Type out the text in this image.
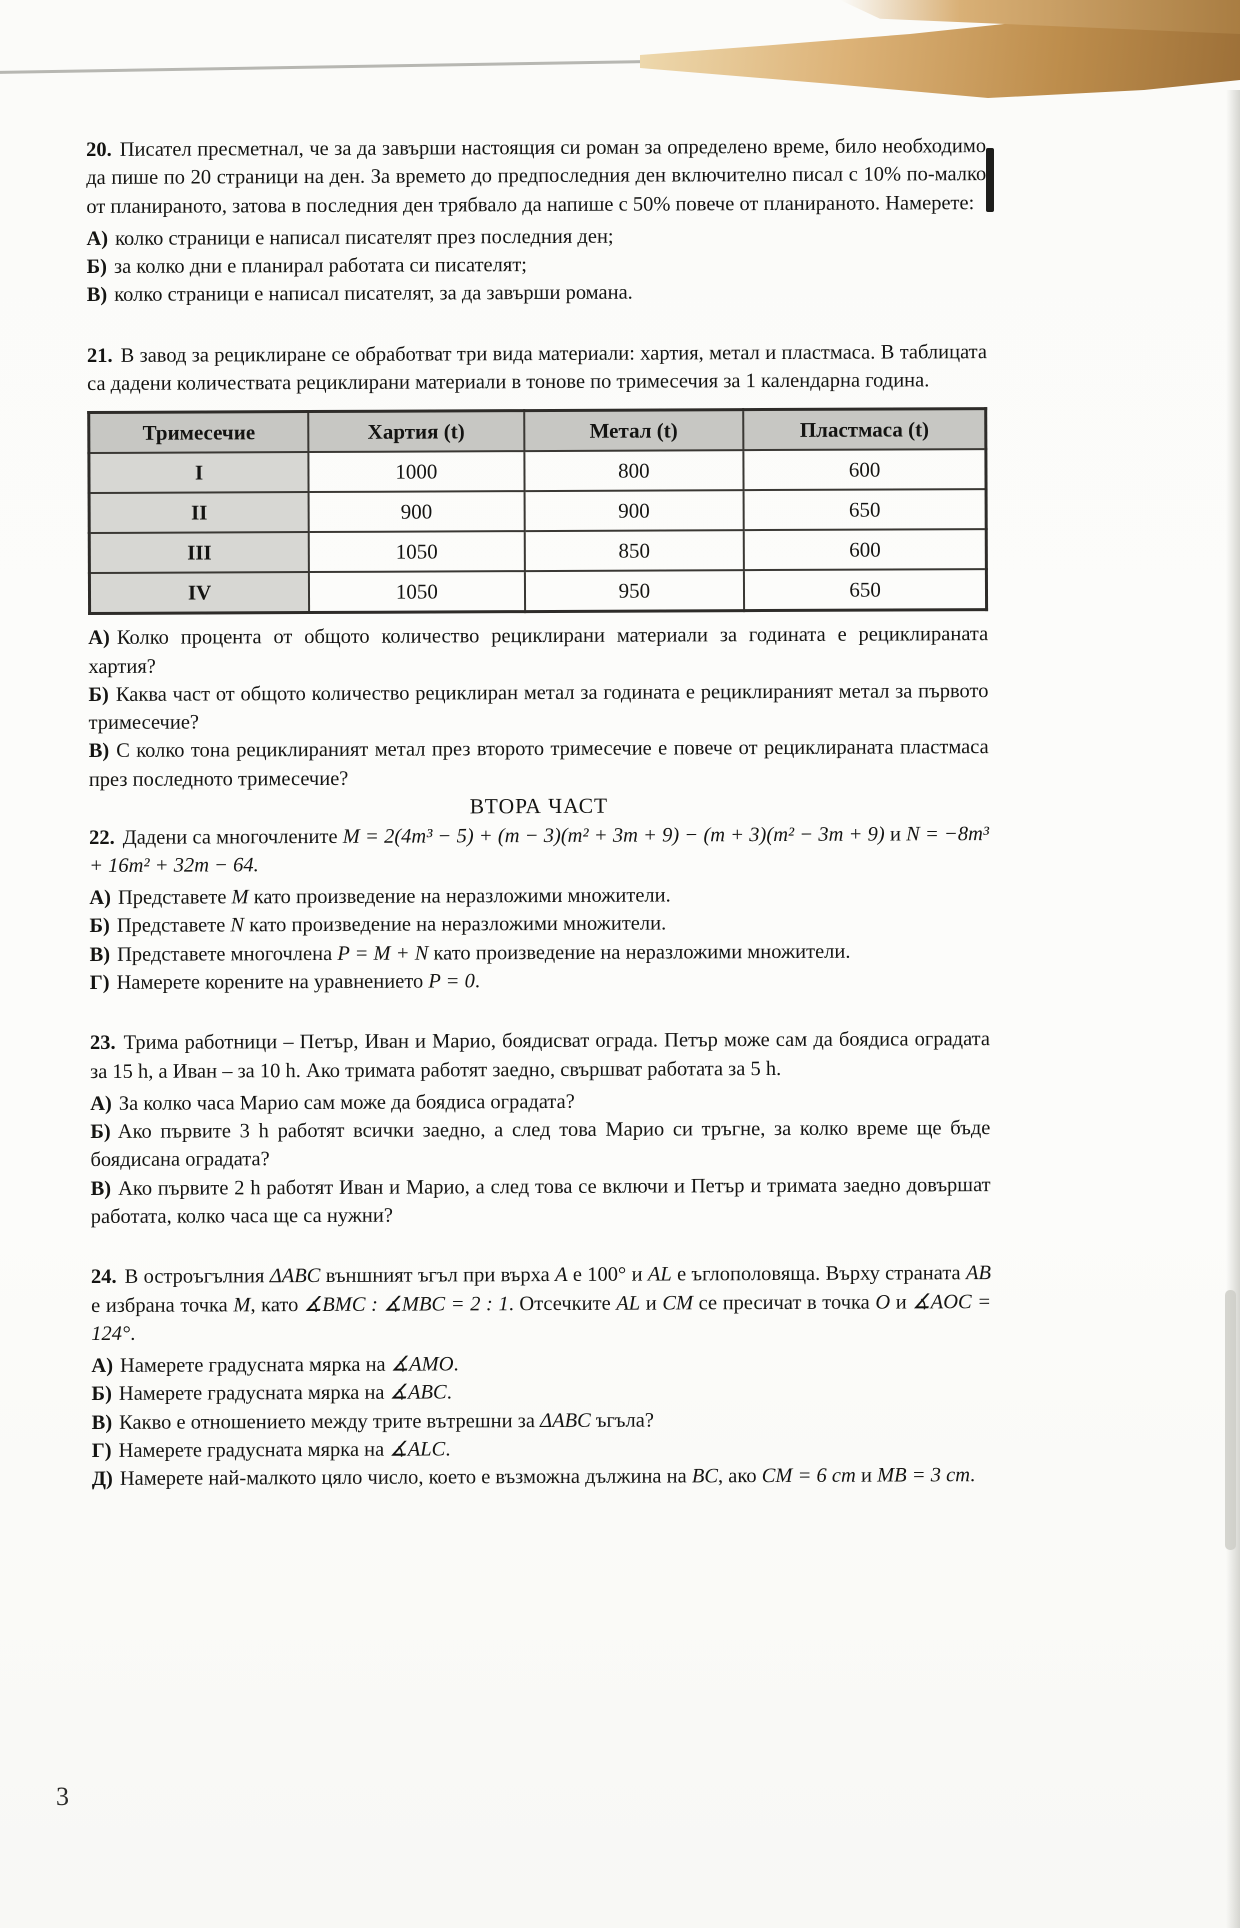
20. Писател пресметнал, че за да завърши настоящия си роман за определено време, било необходимо да пише по 20 страници на ден. За времето до предпоследния ден включително писал с 10% по-малко от планираното, затова в последния ден трябвало да напише с 50% повече от планираното. Намерете:

А) колко страници е написал писателят през последния ден;

Б) за колко дни е планирал работата си писателят;

В) колко страници е написал писателят, за да завърши романа.

21. В завод за рециклиране се обработват три вида материали: хартия, метал и пластмаса. В таблицата са дадени количествата рециклирани материали в тонове по тримесечия за 1 календарна година.

Тримесечие	Хартия (t)	Метал (t)	Пластмаса (t)
I	1000	800	600
II	900	900	650
III	1050	850	600
IV	1050	950	650

А) Колко процента от общото количество рециклирани материали за годината е рециклираната хартия?

Б) Каква част от общото количество рециклиран метал за годината е рециклираният метал за първото тримесечие?

В) С колко тона рециклираният метал през второто тримесечие е повече от рециклираната пластмаса през последното тримесечие?

ВТОРА ЧАСТ

22. Дадени са многочлените M = 2(4m³ − 5) + (m − 3)(m² + 3m + 9) − (m + 3)(m² − 3m + 9) и N = −8m³ + 16m² + 32m − 64.

А) Представете M като произведение на неразложими множители.

Б) Представете N като произведение на неразложими множители.

В) Представете многочлена P = M + N като произведение на неразложими множители.

Г) Намерете корените на уравнението P = 0.

23. Трима работници – Петър, Иван и Марио, боядисват ограда. Петър може сам да боядиса оградата за 15 h, а Иван – за 10 h. Ако тримата работят заедно, свършват работата за 5 h.

А) За колко часа Марио сам може да боядиса оградата?

Б) Ако първите 3 h работят всички заедно, а след това Марио си тръгне, за колко време ще бъде боядисана оградата?

В) Ако първите 2 h работят Иван и Марио, а след това се включи и Петър и тримата заедно довършат работата, колко часа ще са нужни?

24. В остроъгълния ΔABC външният ъгъл при върха A е 100° и AL е ъглополовяща. Върху страната AB е избрана точка M, като ∡BMC : ∡MBC = 2 : 1. Отсечките AL и CM се пресичат в точка O и ∡AOC = 124°.

А) Намерете градусната мярка на ∡AMO.

Б) Намерете градусната мярка на ∡ABC.

В) Какво е отношението между трите вътрешни за ΔABC ъгъла?

Г) Намерете градусната мярка на ∡ALC.

Д) Намерете най-малкото цяло число, което е възможна дължина на BC, ако CM = 6 cm и MB = 3 cm.

3
